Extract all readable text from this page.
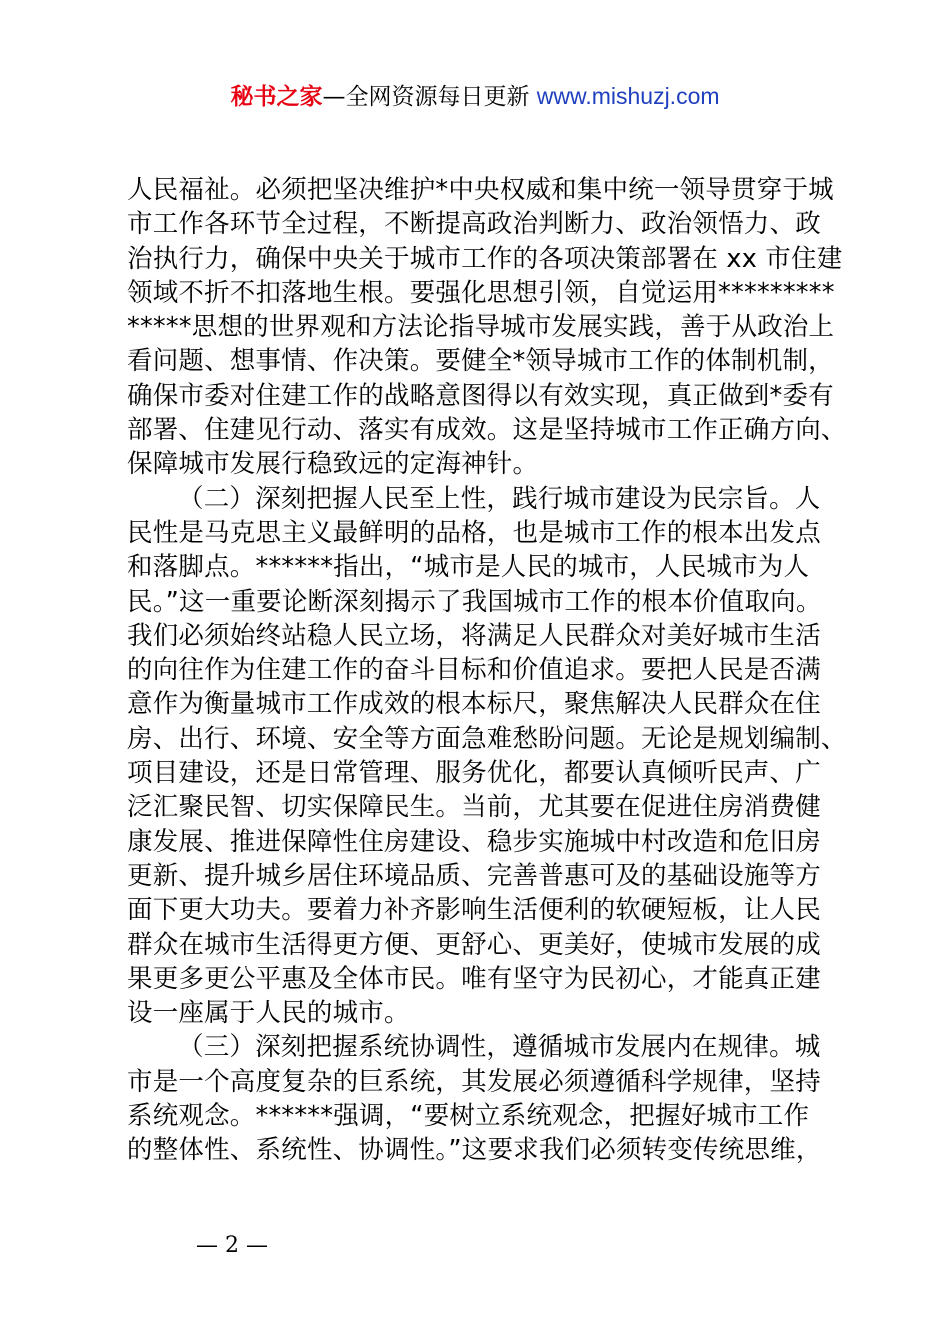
秘书之家—全网资源每日更新 www.mishuzj.com
人民福祉。必须把坚决维护*中央权威和集中统一领导贯穿于城
市工作各环节全过程，不断提高政治判断力、政治领悟力、政
治执行力，确保中央关于城市工作的各项决策部署在 xx 市住建
领域不折不扣落地生根。要强化思想引领，自觉运用*********
*****思想的世界观和方法论指导城市发展实践，善于从政治上
看问题、想事情、作决策。要健全*领导城市工作的体制机制，
确保市委对住建工作的战略意图得以有效实现，真正做到*委有
部署、住建见行动、落实有成效。这是坚持城市工作正确方向、
保障城市发展行稳致远的定海神针。
（二）深刻把握人民至上性，践行城市建设为民宗旨。人
民性是马克思主义最鲜明的品格，也是城市工作的根本出发点
和落脚点。******指出，“城市是人民的城市，人民城市为人
民。”这一重要论断深刻揭示了我国城市工作的根本价值取向。
我们必须始终站稳人民立场，将满足人民群众对美好城市生活
的向往作为住建工作的奋斗目标和价值追求。要把人民是否满
意作为衡量城市工作成效的根本标尺，聚焦解决人民群众在住
房、出行、环境、安全等方面急难愁盼问题。无论是规划编制、
项目建设，还是日常管理、服务优化，都要认真倾听民声、广
泛汇聚民智、切实保障民生。当前，尤其要在促进住房消费健
康发展、推进保障性住房建设、稳步实施城中村改造和危旧房
更新、提升城乡居住环境品质、完善普惠可及的基础设施等方
面下更大功夫。要着力补齐影响生活便利的软硬短板，让人民
群众在城市生活得更方便、更舒心、更美好，使城市发展的成
果更多更公平惠及全体市民。唯有坚守为民初心，才能真正建
设一座属于人民的城市。
（三）深刻把握系统协调性，遵循城市发展内在规律。城
市是一个高度复杂的巨系统，其发展必须遵循科学规律，坚持
系统观念。******强调，“要树立系统观念，把握好城市工作
的整体性、系统性、协调性。”这要求我们必须转变传统思维，
— 2 —
